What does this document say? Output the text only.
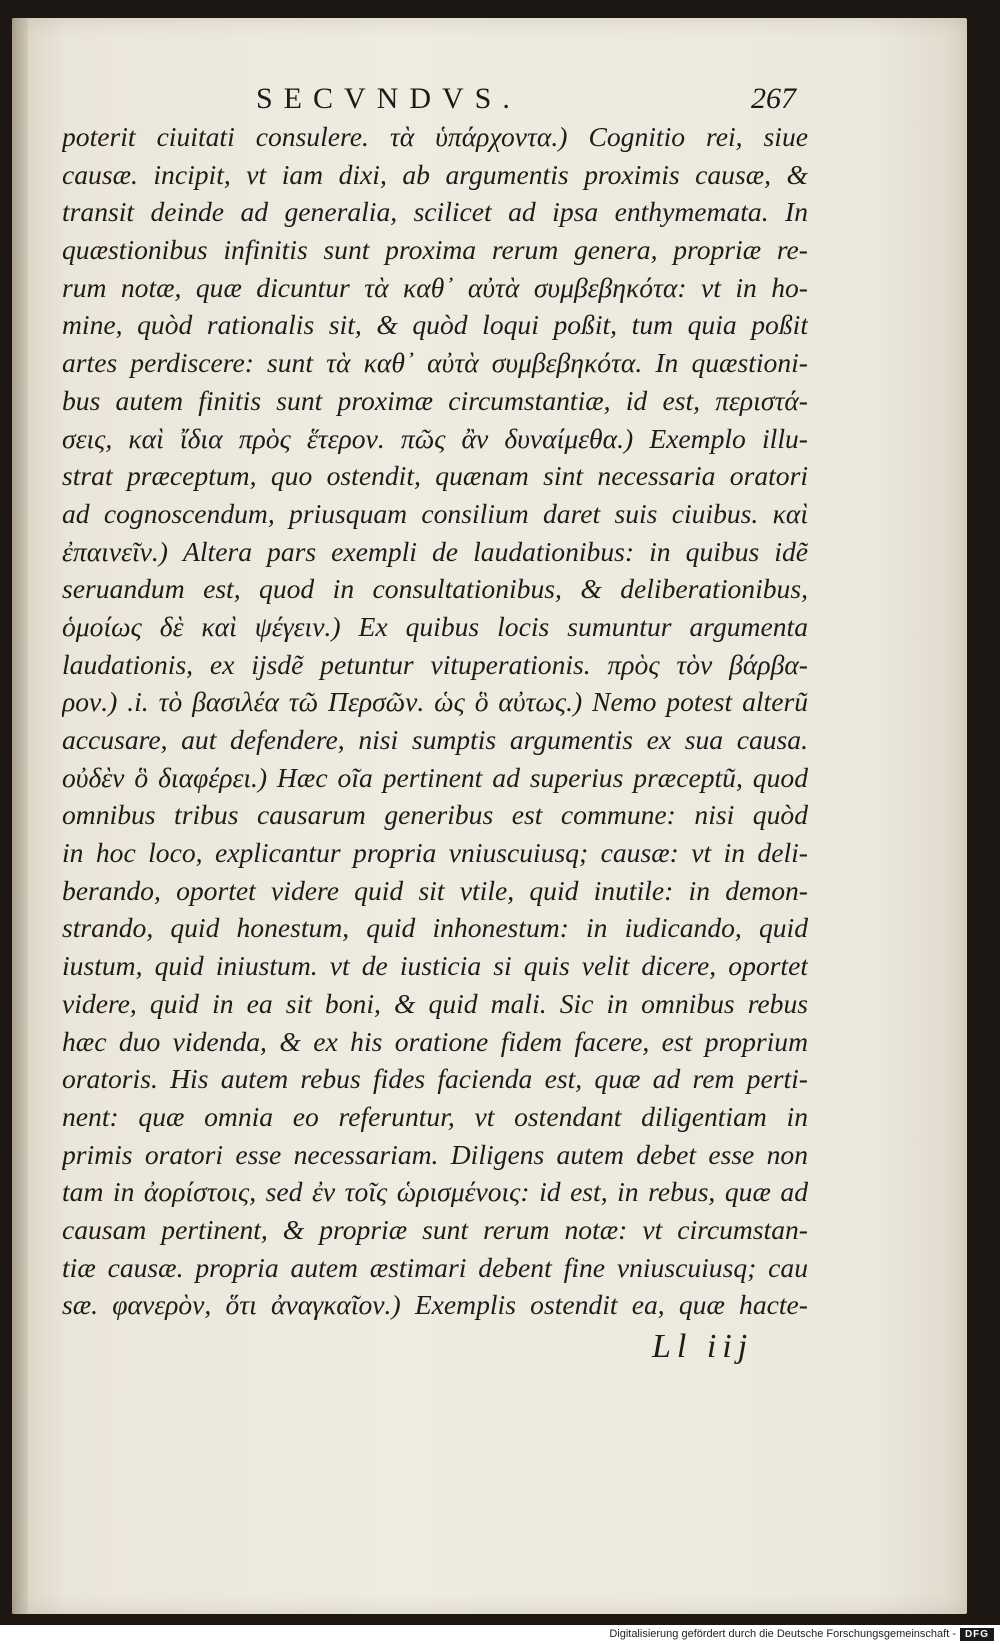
SECVNDVS.	267
poterit ciuitati consulere. τὰ ὑπάρχοντα.) Cognitio rei, siue
causæ. incipit, vt iam dixi, ab argumentis proximis causæ, &
transit deinde ad generalia, scilicet ad ipsa enthymemata. In
quæstionibus infinitis sunt proxima rerum genera, propriæ re-
rum notæ, quæ dicuntur τὰ καθ᾽ αὐτὰ συμβεβηκότα: vt in ho-
mine, quòd rationalis sit, & quòd loqui poßit, tum quia poßit
artes perdiscere: sunt τὰ καθ᾽ αὐτὰ συμβεβηκότα. In quæstioni-
bus autem finitis sunt proximæ circumstantiæ, id est, περιστά-
σεις, καὶ ἴδια πρὸς ἕτερον. πῶς ἂν δυναίμεθα.) Exemplo illu-
strat præceptum, quo ostendit, quænam sint necessaria oratori
ad cognoscendum, priusquam consilium daret suis ciuibus. καὶ
ἐπαινεῖν.) Altera pars exempli de laudationibus: in quibus idẽ
seruandum est, quod in consultationibus, & deliberationibus,
ὁμοίως δὲ καὶ ψέγειν.) Ex quibus locis sumuntur argumenta
laudationis, ex ijsdẽ petuntur vituperationis. πρὸς τὸν βάρβα-
ρον.) .i. τὸ βασιλέα τῶ Περσῶν. ὡς ὃ αὐτως.) Nemo potest alterũ
accusare, aut defendere, nisi sumptis argumentis ex sua causa.
οὐδὲν ὃ διαφέρει.) Hæc oĩa pertinent ad superius præceptũ, quod
omnibus tribus causarum generibus est commune: nisi quòd
in hoc loco, explicantur propria vniuscuiusq; causæ: vt in deli-
berando, oportet videre quid sit vtile, quid inutile: in demon-
strando, quid honestum, quid inhonestum: in iudicando, quid
iustum, quid iniustum. vt de iusticia si quis velit dicere, oportet
videre, quid in ea sit boni, & quid mali. Sic in omnibus rebus
hæc duo videnda, & ex his oratione fidem facere, est proprium
oratoris. His autem rebus fides facienda est, quæ ad rem perti-
nent: quæ omnia eo referuntur, vt ostendant diligentiam in
primis oratori esse necessariam. Diligens autem debet esse non
tam in ἀορίστοις, sed ἐν τοῖς ὡρισμένοις: id est, in rebus, quæ ad
causam pertinent, & propriæ sunt rerum notæ: vt circumstan-
tiæ causæ. propria autem æstimari debent fine vniuscuiusq; cau
sæ. φανερὸν, ὅτι ἀναγκαῖον.) Exemplis ostendit ea, quæ hacte-
Ll iij
Digitalisierung gefördert durch die Deutsche Forschungsgemeinschaft - DFG
